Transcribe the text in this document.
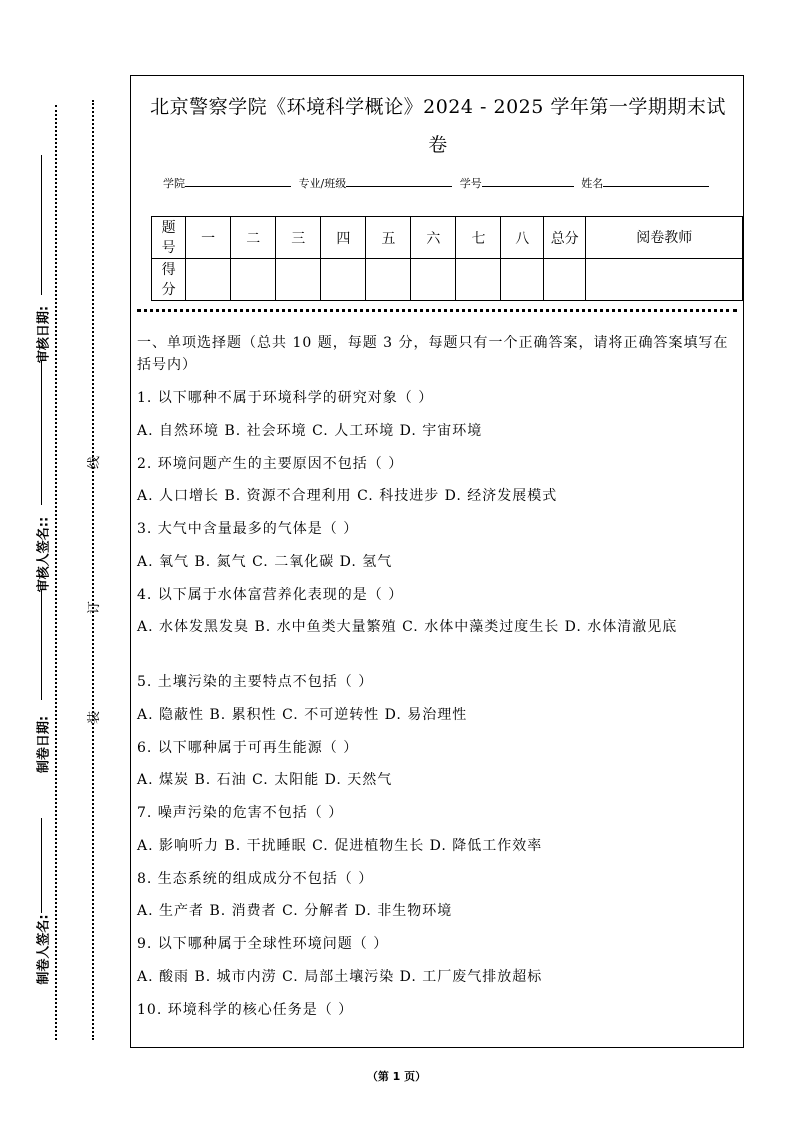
制卷人签名:
制卷日期:
审核人签名::
审核日期:
装
订
线
北京警察学院《环境科学概论》2024 - 2025 学年第一学期期末试
卷
学院	专业/班级	学号	姓名
题号	一	二	三	四	五	六	七	八	总分	阅卷教师
得分										
一、单项选择题（总共 10 题，每题 3 分，每题只有一个正确答案，请将正确答案填写在括号内）
1. 以下哪种不属于环境科学的研究对象（ ）
A. 自然环境 B. 社会环境 C. 人工环境 D. 宇宙环境
2. 环境问题产生的主要原因不包括（ ）
A. 人口增长 B. 资源不合理利用 C. 科技进步 D. 经济发展模式
3. 大气中含量最多的气体是（ ）
A. 氧气 B. 氮气 C. 二氧化碳 D. 氢气
4. 以下属于水体富营养化表现的是（ ）
A. 水体发黑发臭 B. 水中鱼类大量繁殖 C. 水体中藻类过度生长 D. 水体清澈见底
5. 土壤污染的主要特点不包括（ ）
A. 隐蔽性 B. 累积性 C. 不可逆转性 D. 易治理性
6. 以下哪种属于可再生能源（ ）
A. 煤炭 B. 石油 C. 太阳能 D. 天然气
7. 噪声污染的危害不包括（ ）
A. 影响听力 B. 干扰睡眠 C. 促进植物生长 D. 降低工作效率
8. 生态系统的组成成分不包括（ ）
A. 生产者 B. 消费者 C. 分解者 D. 非生物环境
9. 以下哪种属于全球性环境问题（ ）
A. 酸雨 B. 城市内涝 C. 局部土壤污染 D. 工厂废气排放超标
10. 环境科学的核心任务是（ ）
（第 1 页）
